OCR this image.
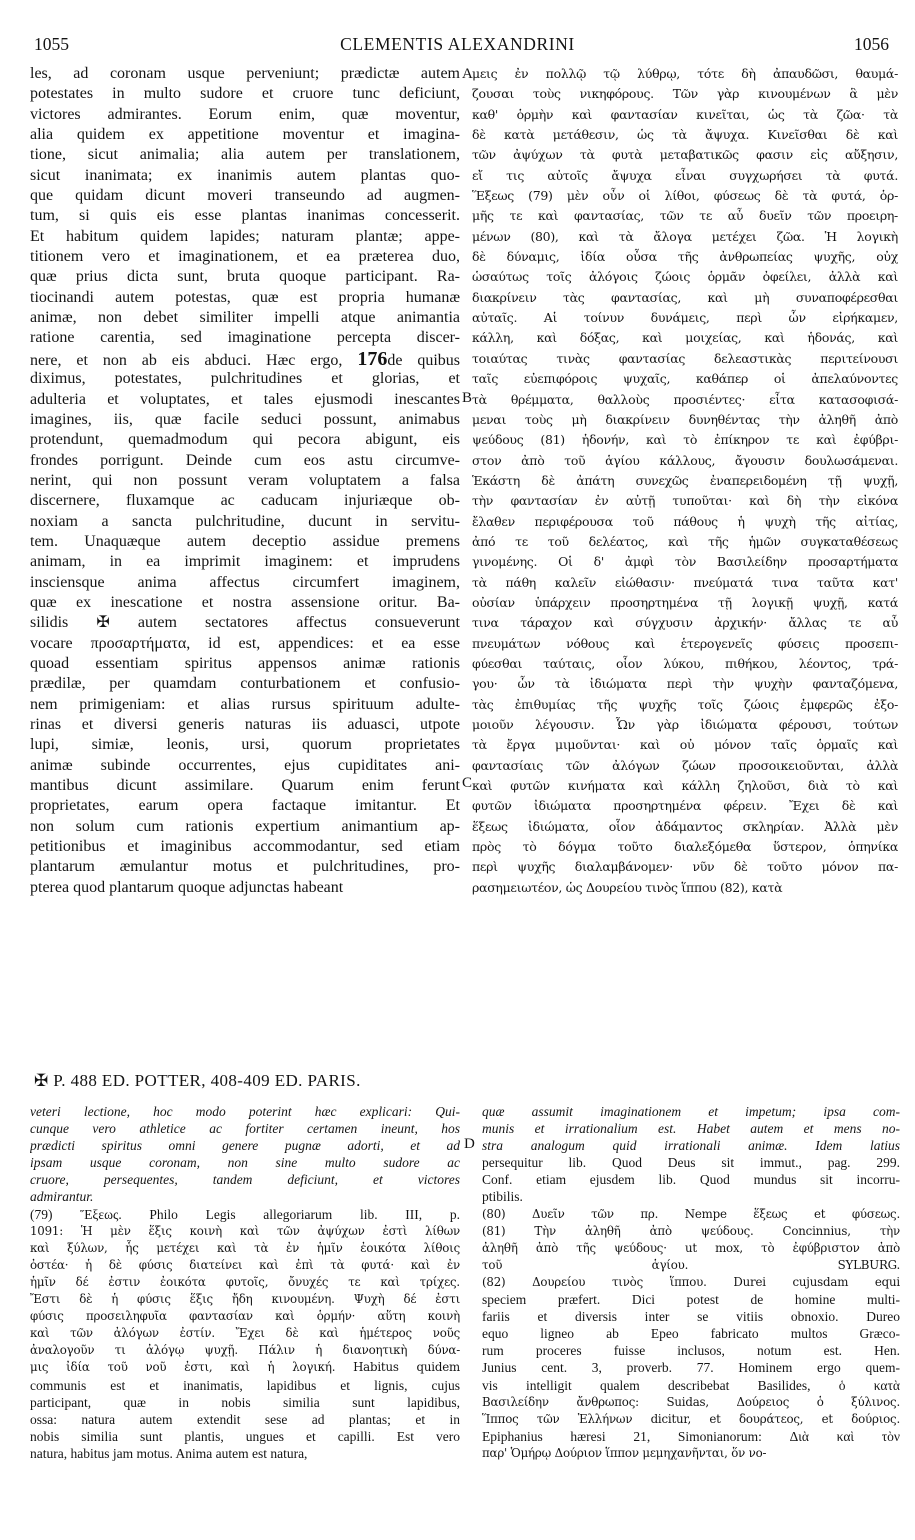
1055	CLEMENTIS ALEXANDRINI	1056

les, ad coronam usque perveniunt; prædictæ autem

potestates in multo sudore et cruore tunc deficiunt,

victores admirantes. Eorum enim, quæ moventur,

alia quidem ex appetitione moventur et imagina-

tione, sicut animalia; alia autem per translationem,

sicut inanimata; ex inanimis autem plantas quo-

que quidam dicunt moveri transeundo ad augmen-

tum, si quis eis esse plantas inanimas concesserit.

Et habitum quidem lapides; naturam plantæ; appe-

titionem vero et imaginationem, et ea præterea duo,

quæ prius dicta sunt, bruta quoque participant. Ra-

tiocinandi autem potestas, quæ est propria humanæ

animæ, non debet similiter impelli atque animantia

ratione carentia, sed imaginatione percepta discer-

nere, et non ab eis abduci. Hæc ergo, 176de quibus

diximus, potestates, pulchritudines et glorias, et

adulteria et voluptates, et tales ejusmodi inescantes

imagines, iis, quæ facile seduci possunt, animabus

protendunt, quemadmodum qui pecora abigunt, eis

frondes porrigunt. Deinde cum eos astu circumve-

nerint, qui non possunt veram voluptatem a falsa

discernere, fluxamque ac caducam injuriæque ob-

noxiam a sancta pulchritudine, ducunt in servitu-

tem. Unaquæque autem deceptio assidue premens

animam, in ea imprimit imaginem: et imprudens

insciensque anima affectus circumfert imaginem,

quæ ex inescatione et nostra assensione oritur. Ba-

silidis ✠ autem sectatores affectus consueverunt

vocare προσαρτήματα, id est, appendices: et ea esse

quoad essentiam spiritus appensos animæ rationis

prædilæ, per quamdam conturbationem et confusio-

nem primigeniam: et alias rursus spirituum adulte-

rinas et diversi generis naturas iis aduasci, utpote

lupi, simiæ, leonis, ursi, quorum proprietates

animæ subinde occurrentes, ejus cupiditates ani-

mantibus dicunt assimilare. Quarum enim ferunt

proprietates, earum opera factaque imitantur. Et

non solum cum rationis expertium animantium ap-

petitionibus et imaginibus accommodantur, sed etiam

plantarum æmulantur motus et pulchritudines, pro-

pterea quod plantarum quoque adjunctas habeant

μεις ἐν πολλῷ τῷ λύθρῳ, τότε δὴ ἀπαυδῶσι, θαυμά-

ζουσαι τοὺς νικηφόρους. Τῶν γὰρ κινουμένων ἃ μὲν

καθ' ὁρμὴν καὶ φαντασίαν κινεῖται, ὡς τὰ ζῶα· τὰ

δὲ κατὰ μετάθεσιν, ὡς τὰ ἄψυχα. Κινεῖσθαι δὲ καὶ

τῶν ἀψύχων τὰ φυτὰ μεταβατικῶς φασιν εἰς αὔξησιν,

εἴ τις αὐτοῖς ἄψυχα εἶναι συγχωρήσει τὰ φυτά.

Ἕξεως (79) μὲν οὖν οἱ λίθοι, φύσεως δὲ τὰ φυτά, ὁρ-

μῆς τε καὶ φαντασίας, τῶν τε αὖ δυεῖν τῶν προειρη-

μένων (80), καὶ τὰ ἄλογα μετέχει ζῶα. Ἡ λογικὴ

δὲ δύναμις, ἰδία οὖσα τῆς ἀνθρωπείας ψυχῆς, οὐχ

ὡσαύτως τοῖς ἀλόγοις ζώοις ὁρμᾶν ὀφείλει, ἀλλὰ καὶ

διακρίνειν τὰς φαντασίας, καὶ μὴ συναποφέρεσθαι

αὐταῖς. Αἱ τοίνυν δυνάμεις, περὶ ὧν εἰρήκαμεν,

κάλλη, καὶ δόξας, καὶ μοιχείας, καὶ ἡδονάς, καὶ

τοιαύτας τινὰς φαντασίας δελεαστικὰς περιτείνουσι

ταῖς εὐεπιφόροις ψυχαῖς, καθάπερ οἱ ἀπελαύνοντες

τὰ θρέμματα, θαλλοὺς προσιέντες· εἶτα κατασοφισά-

μεναι τοὺς μὴ διακρίνειν δυνηθέντας τὴν ἀληθῆ ἀπὸ

ψεύδους (81) ἡδονήν, καὶ τὸ ἐπίκηρον τε καὶ ἐφύβρι-

στον ἀπὸ τοῦ ἁγίου κάλλους, ἄγουσιν δουλωσάμεναι.

Ἑκάστη δὲ ἀπάτη συνεχῶς ἐναπερειδομένη τῇ ψυχῇ,

τὴν φαντασίαν ἐν αὐτῇ τυποῦται· καὶ δὴ τὴν εἰκόνα

ἔλαθεν περιφέρουσα τοῦ πάθους ἡ ψυχὴ τῆς αἰτίας,

ἀπό τε τοῦ δελέατος, καὶ τῆς ἡμῶν συγκαταθέσεως

γινομένης. Οἱ δ' ἀμφὶ τὸν Βασιλείδην προσαρτήματα

τὰ πάθη καλεῖν εἰώθασιν· πνεύματά τινα ταῦτα κατ'

οὐσίαν ὑπάρχειν προσηρτημένα τῇ λογικῇ ψυχῇ, κατά

τινα τάραχον καὶ σύγχυσιν ἀρχικήν· ἄλλας τε αὖ

πνευμάτων νόθους καὶ ἑτερογενεῖς φύσεις προσεπι-

φύεσθαι ταύταις, οἷον λύκου, πιθήκου, λέοντος, τρά-

γου· ὧν τὰ ἰδιώματα περὶ τὴν ψυχὴν φανταζόμενα,

τὰς ἐπιθυμίας τῆς ψυχῆς τοῖς ζώοις ἐμφερῶς ἐξο-

μοιοῦν λέγουσιν. Ὧν γὰρ ἰδιώματα φέρουσι, τούτων

τὰ ἔργα μιμοῦνται· καὶ οὐ μόνον ταῖς ὁρμαῖς καὶ

φαντασίαις τῶν ἀλόγων ζώων προσοικειοῦνται, ἀλλὰ

καὶ φυτῶν κινήματα καὶ κάλλη ζηλοῦσι, διὰ τὸ καὶ

φυτῶν ἰδιώματα προσηρτημένα φέρειν. Ἔχει δὲ καὶ

ἕξεως ἰδιώματα, οἷον ἀδάμαντος σκληρίαν. Ἀλλὰ μὲν

πρὸς τὸ δόγμα τοῦτο διαλεξόμεθα ὕστερον, ὁπηνίκα

περὶ ψυχῆς διαλαμβάνομεν· νῦν δὲ τοῦτο μόνον πα-

ρασημειωτέον, ὡς Δουρείου τινὸς ἵππου (82), κατὰ

A
B
C
D
✠ P. 488 ED. POTTER, 408-409 ED. PARIS.

veteri lectione, hoc modo poterint hæc explicari: Qui-

cunque vero athletice ac fortiter certamen ineunt, hos

prædicti spiritus omni genere pugnæ adorti, et ad

ipsam usque coronam, non sine multo sudore ac

cruore, persequentes, tandem deficiunt, et victores

admirantur.

(79) Ἕξεως. Philo Legis allegoriarum lib. III, p.

1091: Ἡ μὲν ἕξις κοινὴ καὶ τῶν ἀψύχων ἐστὶ λίθων

καὶ ξύλων, ἧς μετέχει καὶ τὰ ἐν ἡμῖν ἐοικότα λίθοις

ὀστέα· ἡ δὲ φύσις διατείνει καὶ ἐπὶ τὰ φυτά· καὶ ἐν

ἡμῖν δέ ἐστιν ἐοικότα φυτοῖς, ὄνυχές τε καὶ τρίχες.

Ἔστι δὲ ἡ φύσις ἕξις ἤδη κινουμένη. Ψυχὴ δέ ἐστι

φύσις προσειληφυῖα φαντασίαν καὶ ὁρμήν· αὕτη κοινὴ

καὶ τῶν ἀλόγων ἐστίν. Ἔχει δὲ καὶ ἡμέτερος νοῦς

ἀναλογοῦν τι ἀλόγῳ ψυχῇ. Πάλιν ἡ διανοητικὴ δύνα-

μις ἰδία τοῦ νοῦ ἐστι, καὶ ἡ λογική. Habitus quidem

communis est et inanimatis, lapidibus et lignis, cujus

participant, quæ in nobis similia sunt lapidibus,

ossa: natura autem extendit sese ad plantas; et in

nobis similia sunt plantis, ungues et capilli. Est vero

natura, habitus jam motus. Anima autem est natura,

quæ assumit imaginationem et impetum; ipsa com-

munis et irrationalium est. Habet autem et mens no-

stra analogum quid irrationali animæ. Idem latius

persequitur lib. Quod Deus sit immut., pag. 299.

Conf. etiam ejusdem lib. Quod mundus sit incorru-

ptibilis.

(80) Δυεῖν τῶν πρ. Nempe ἕξεως et φύσεως.

(81) Τὴν ἀληθῆ ἀπὸ ψεύδους. Concinnius, τὴν

ἀληθῆ ἀπὸ τῆς ψεύδους· ut mox, τὸ ἐφύβριστον ἀπὸ

τοῦ ἁγίου. SYLBURG.

(82) Δουρείου τινὸς ἵππου. Durei cujusdam equi

speciem præfert. Dici potest de homine multi-

fariis et diversis inter se vitiis obnoxio. Dureo

equo ligneo ab Epeo fabricato multos Græco-

rum proceres fuisse inclusos, notum est. Hen.

Junius cent. 3, proverb. 77. Hominem ergo quem-

vis intelligit qualem describebat Basilides, ὁ κατὰ

Βασιλείδην ἄνθρωπος: Suidas, Δούρειος ὁ ξύλινος.

Ἵππος τῶν Ἑλλήνων dicitur, et δουράτεος, et δούριος.

Epiphanius hæresi 21, Simonianorum: Διὰ καὶ τὸν

παρ' Ὁμήρῳ Δούριον ἵππον μεμηχανῆνται, ὅν νο-
